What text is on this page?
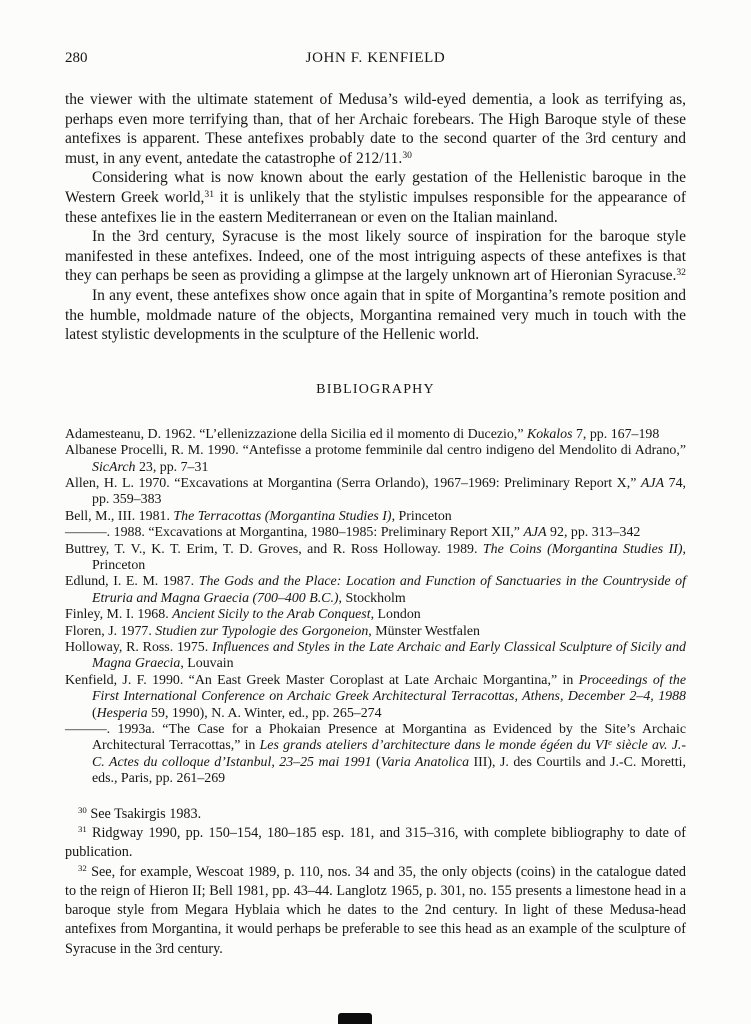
280	JOHN F. KENFIELD

the viewer with the ultimate statement of Medusa’s wild-eyed dementia, a look as terrifying as, perhaps even more terrifying than, that of her Archaic forebears. The High Baroque style of these antefixes is apparent. These antefixes probably date to the second quarter of the 3rd century and must, in any event, antedate the catastrophe of 212/11.30

Considering what is now known about the early gestation of the Hellenistic baroque in the Western Greek world,$^{31}$ it is unlikely that the stylistic impulses responsible for the appearance of these antefixes lie in the eastern Mediterranean or even on the Italian mainland.

In the 3rd century, Syracuse is the most likely source of inspiration for the baroque style manifested in these antefixes. Indeed, one of the most intriguing aspects of these antefixes is that they can perhaps be seen as providing a glimpse at the largely unknown art of Hieronian Syracuse.$^{32}$

In any event, these antefixes show once again that in spite of Morgantina’s remote position and the humble, moldmade nature of the objects, Morgantina remained very much in touch with the latest stylistic developments in the sculpture of the Hellenic world.

BIBLIOGRAPHY

Adamesteanu, D. 1962. “L’ellenizzazione della Sicilia ed il momento di Ducezio,” Kokalos 7, pp. 167–198

Albanese Procelli, R. M. 1990. “Antefisse a protome femminile dal centro indigeno del Mendolito di Adrano,” SicArch 23, pp. 7–31

Allen, H. L. 1970. “Excavations at Morgantina (Serra Orlando), 1967–1969: Preliminary Report X,” AJA 74, pp. 359–383

Bell, M., III. 1981. The Terracottas (Morgantina Studies I), Princeton

———. 1988. “Excavations at Morgantina, 1980–1985: Preliminary Report XII,” AJA 92, pp. 313–342

Buttrey, T. V., K. T. Erim, T. D. Groves, and R. Ross Holloway. 1989. The Coins (Morgantina Studies II), Princeton

Edlund, I. E. M. 1987. The Gods and the Place: Location and Function of Sanctuaries in the Countryside of Etruria and Magna Graecia (700–400 B.C.), Stockholm

Finley, M. I. 1968. Ancient Sicily to the Arab Conquest, London

Floren, J. 1977. Studien zur Typologie des Gorgoneion, Münster Westfalen

Holloway, R. Ross. 1975. Influences and Styles in the Late Archaic and Early Classical Sculpture of Sicily and Magna Graecia, Louvain

Kenfield, J. F. 1990. “An East Greek Master Coroplast at Late Archaic Morgantina,” in Proceedings of the First International Conference on Archaic Greek Architectural Terracottas, Athens, December 2–4, 1988 (Hesperia 59, 1990), N. A. Winter, ed., pp. 265–274

———. 1993a. “The Case for a Phokaian Presence at Morgantina as Evidenced by the Site’s Archaic Architectural Terracottas,” in Les grands ateliers d’architecture dans le monde égéen du VIe siècle av. J.-C. Actes du colloque d’Istanbul, 23–25 mai 1991 (Varia Anatolica III), J. des Courtils and J.-C. Moretti, eds., Paris, pp. 261–269

$^{30}$ See Tsakirgis 1983.

$^{31}$ Ridgway 1990, pp. 150–154, 180–185 esp. 181, and 315–316, with complete bibliography to date of publication.

$^{32}$ See, for example, Wescoat 1989, p. 110, nos. 34 and 35, the only objects (coins) in the catalogue dated to the reign of Hieron II; Bell 1981, pp. 43–44. Langlotz 1965, p. 301, no. 155 presents a limestone head in a baroque style from Megara Hyblaia which he dates to the 2nd century. In light of these Medusa-head antefixes from Morgantina, it would perhaps be preferable to see this head as an example of the sculpture of Syracuse in the 3rd century.
